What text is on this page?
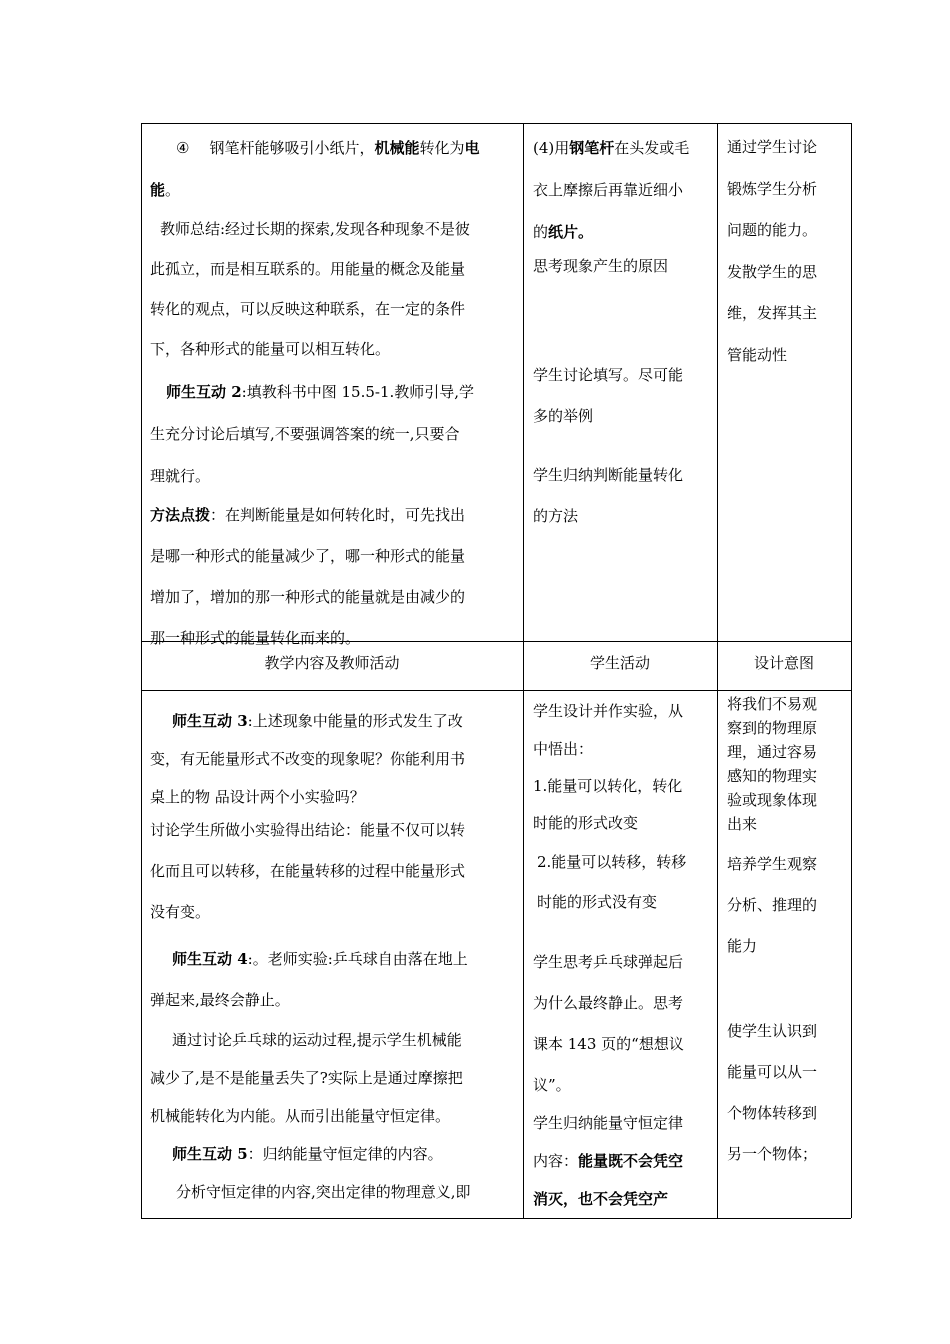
④ 钢笔杆能够吸引小纸片，机械能转化为电
能。
教师总结:经过长期的探索,发现各种现象不是彼
此孤立，而是相互联系的。用能量的概念及能量
转化的观点，可以反映这种联系，在一定的条件
下，各种形式的能量可以相互转化。
师生互动 2:填教科书中图 15.5-1.教师引导,学
生充分讨论后填写,不要强调答案的统一,只要合
理就行。
方法点拨：在判断能量是如何转化时，可先找出
是哪一种形式的能量减少了，哪一种形式的能量
增加了，增加的那一种形式的能量就是由减少的
那一种形式的能量转化而来的。
(4)用钢笔杆在头发或毛
衣上摩擦后再靠近细小
的纸片。
思考现象产生的原因
学生讨论填写。尽可能
多的举例
学生归纳判断能量转化
的方法
通过学生讨论
锻炼学生分析
问题的能力。
发散学生的思
维，发挥其主
管能动性
教学内容及教师活动	学生活动	设计意图
师生互动 3:上述现象中能量的形式发生了改
变，有无能量形式不改变的现象呢？你能利用书
桌上的物 品设计两个小实验吗？
讨论学生所做小实验得出结论：能量不仅可以转
化而且可以转移，在能量转移的过程中能量形式
没有变。
师生互动 4:。老师实验:乒乓球自由落在地上
弹起来,最终会静止。
通过讨论乒乓球的运动过程,提示学生机械能
减少了,是不是能量丢失了?实际上是通过摩擦把
机械能转化为内能。从而引出能量守恒定律。
师生互动 5：归纳能量守恒定律的内容。
分析守恒定律的内容,突出定律的物理意义,即
学生设计并作实验，从
中悟出：
1.能量可以转化，转化
时能的形式改变
2.能量可以转移，转移
时能的形式没有变
学生思考乒乓球弹起后
为什么最终静止。思考
课本 143 页的“想想议
议”。
学生归纳能量守恒定律
内容：能量既不会凭空
消灭，也不会凭空产
将我们不易观
察到的物理原
理，通过容易
感知的物理实
验或现象体现
出来
培养学生观察
分析、推理的
能力
使学生认识到
能量可以从一
个物体转移到
另一个物体；
